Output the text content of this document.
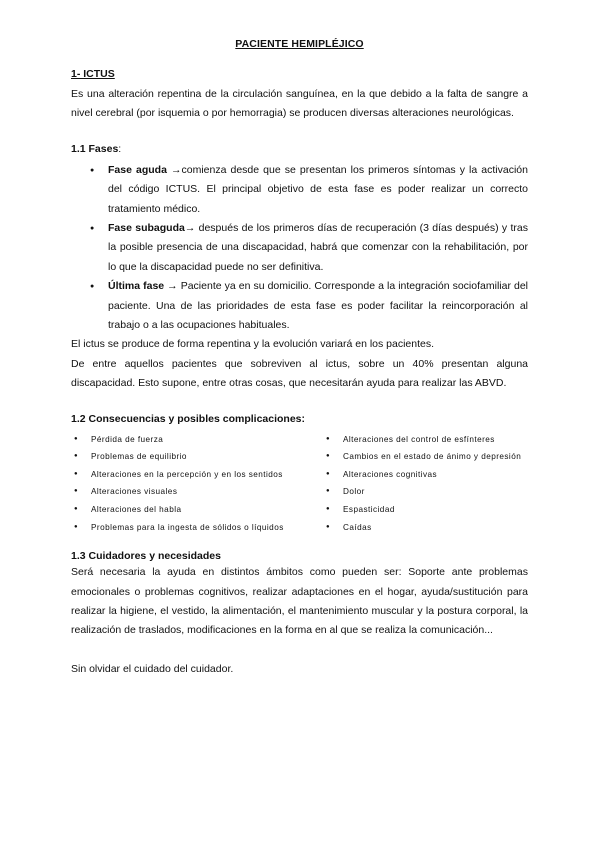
PACIENTE HEMIPLÉJICO
1- ICTUS

Es una alteración repentina de la circulación sanguínea, en la que debido a la falta de sangre a nivel cerebral (por isquemia o por hemorragia) se producen diversas alteraciones neurológicas.

1.1 Fases:
● Fase aguda →comienza desde que se presentan los primeros síntomas y la activación del código ICTUS. El principal objetivo de esta fase es poder realizar un correcto tratamiento médico.
● Fase subaguda→ después de los primeros días de recuperación (3 días después) y tras la posible presencia de una discapacidad, habrá que comenzar con la rehabilitación, por lo que la discapacidad puede no ser definitiva.
● Última fase → Paciente ya en su domicilio. Corresponde a la integración sociofamiliar del paciente. Una de las prioridades de esta fase es poder facilitar la reincorporación al trabajo o a las ocupaciones habituales.

El ictus se produce de forma repentina y la evolución variará en los pacientes.

De entre aquellos pacientes que sobreviven al ictus, sobre un 40% presentan alguna discapacidad. Esto supone, entre otras cosas, que necesitarán ayuda para realizar las ABVD.

1.2 Consecuencias y posibles complicaciones:
● Pérdida de fuerza
● Problemas de equilibrio
● Alteraciones en la percepción y en los sentidos
● Alteraciones visuales
● Alteraciones del habla
● Problemas para la ingesta de sólidos o líquidos
● Alteraciones del control de esfínteres
● Cambios en el estado de ánimo y depresión
● Alteraciones cognitivas
● Dolor
● Espasticidad
● Caídas
1.3 Cuidadores y necesidades

Será necesaria la ayuda en distintos ámbitos como pueden ser: Soporte ante problemas emocionales o problemas cognitivos, realizar adaptaciones en el hogar, ayuda/sustitución para realizar la higiene, el vestido, la alimentación, el mantenimiento muscular y la postura corporal, la realización de traslados, modificaciones en la forma en al que se realiza la comunicación...

Sin olvidar el cuidado del cuidador.
